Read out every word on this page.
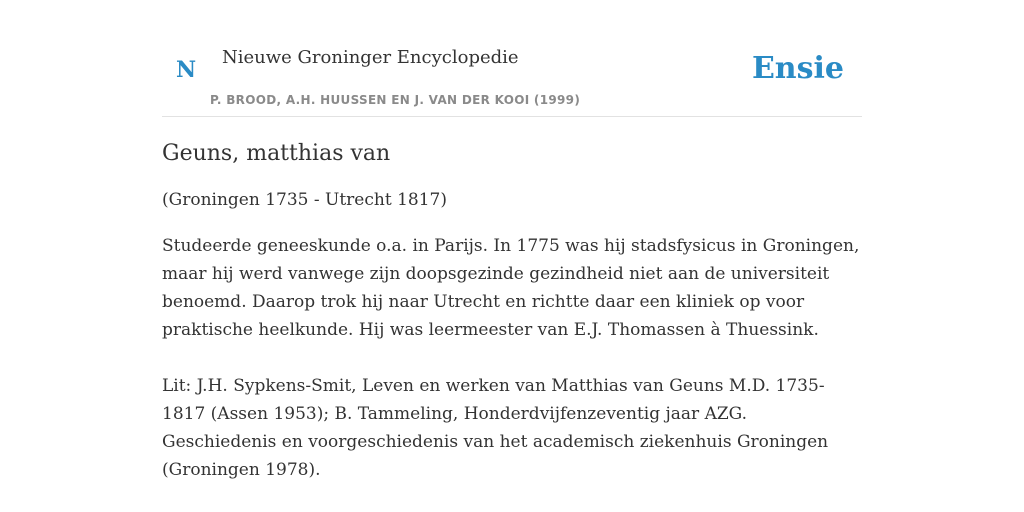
N Nieuwe Groninger Encyclopedie
P. BROOD, A.H. HUUSSEN EN J. VAN DER KOOI (1999)
Ensie
Geuns, matthias van

(Groningen 1735 - Utrecht 1817)

Studeerde geneeskunde o.a. in Parijs. In 1775 was hij stadsfysicus in Groningen, maar hij werd vanwege zijn doopsgezinde gezindheid niet aan de universiteit benoemd. Daarop trok hij naar Utrecht en richtte daar een kliniek op voor praktische heelkunde. Hij was leermeester van E.J. Thomassen à Thuessink.

Lit: J.H. Sypkens-Smit, Leven en werken van Matthias van Geuns M.D. 1735-1817 (Assen 1953); B. Tammeling, Honderdvijfenzeventig jaar AZG. Geschiedenis en voorgeschiedenis van het academisch ziekenhuis Groningen (Groningen 1978).
